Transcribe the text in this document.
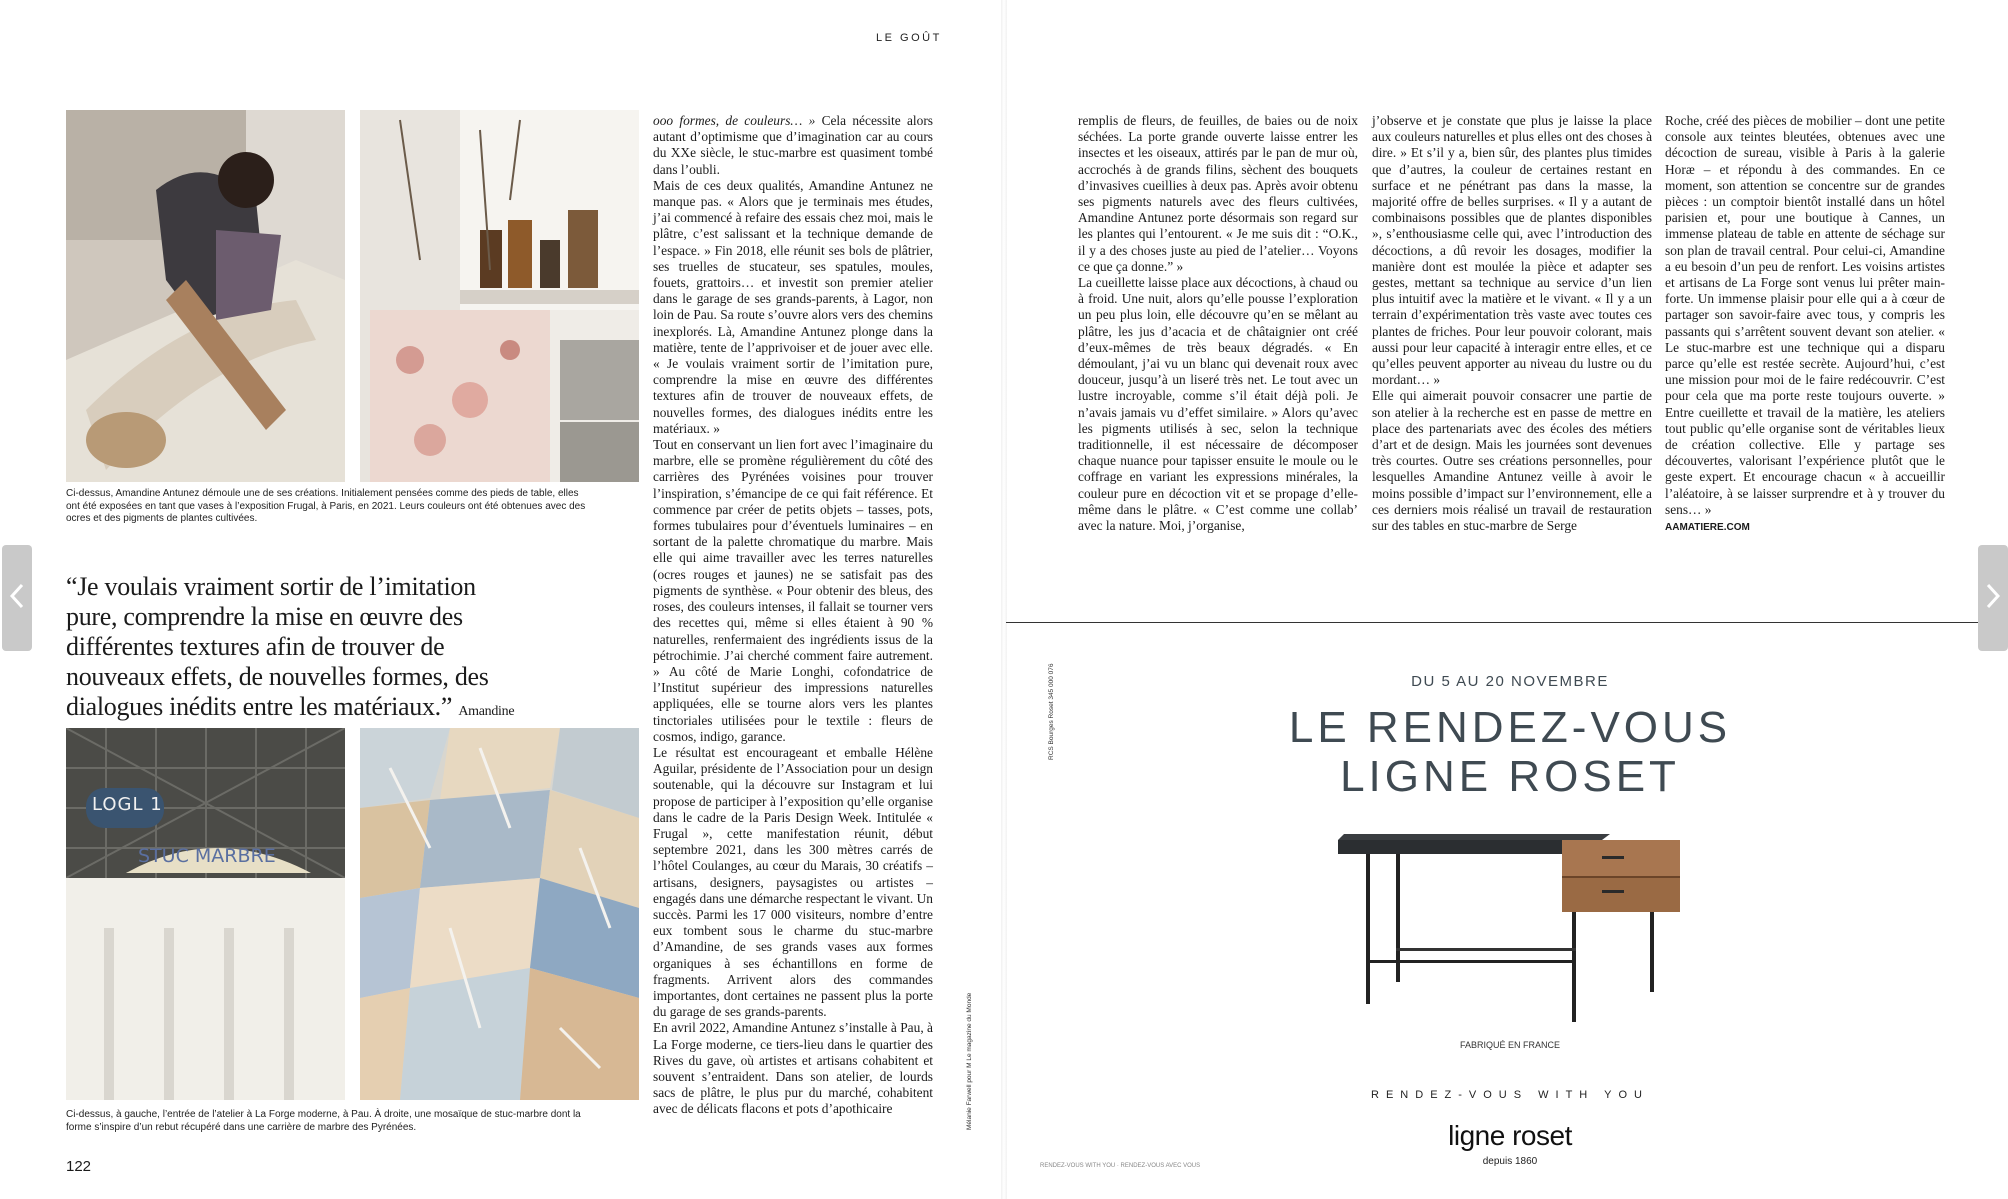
LE GOÛT
Ci-dessus, Amandine Antunez démoule une de ses créations. Initialement pensées comme des pieds de table, elles ont été exposées en tant que vases à l’exposition Frugal, à Paris, en 2021. Leurs couleurs ont été obtenues avec des ocres et des pigments de plantes cultivées.
“Je voulais vraiment sortir de l’imitation pure, comprendre la mise en œuvre des différentes textures afin de trouver de nouveaux effets, de nouvelles formes, des dialogues inédits entre les matériaux.” Amandine
LOGL 1
STUC MARBRE
Ci-dessus, à gauche, l’entrée de l’atelier à La Forge moderne, à Pau. À droite, une mosaïque de stuc-marbre dont la forme s’inspire d’un rebut récupéré dans une carrière de marbre des Pyrénées.
122

ooo formes, de couleurs… » Cela nécessite alors autant d’optimisme que d’imagination car au cours du XXe siècle, le stuc-marbre est quasiment tombé dans l’oubli.

Mais de ces deux qualités, Amandine Antunez ne manque pas. « Alors que je terminais mes études, j’ai commencé à refaire des essais chez moi, mais le plâtre, c’est salissant et la technique demande de l’espace. » Fin 2018, elle réunit ses bols de plâtrier, ses truelles de stucateur, ses spatules, moules, fouets, grattoirs… et investit son premier atelier dans le garage de ses grands-parents, à Lagor, non loin de Pau. Sa route s’ouvre alors vers des chemins inexplorés. Là, Amandine Antunez plonge dans la matière, tente de l’apprivoiser et de jouer avec elle. « Je voulais vraiment sortir de l’imitation pure, comprendre la mise en œuvre des différentes textures afin de trouver de nouveaux effets, de nouvelles formes, des dialogues inédits entre les matériaux. »

Tout en conservant un lien fort avec l’imaginaire du marbre, elle se promène régulièrement du côté des carrières des Pyrénées voisines pour trouver l’inspiration, s’émancipe de ce qui fait référence. Et commence par créer de petits objets – tasses, pots, formes tubulaires pour d’éventuels luminaires – en sortant de la palette chromatique du marbre. Mais elle qui aime travailler avec les terres naturelles (ocres rouges et jaunes) ne se satisfait pas des pigments de synthèse. « Pour obtenir des bleus, des roses, des couleurs intenses, il fallait se tourner vers des recettes qui, même si elles étaient à 90 % naturelles, renfermaient des ingrédients issus de la pétrochimie. J’ai cherché comment faire autrement. » Au côté de Marie Longhi, cofondatrice de l’Institut supérieur des impressions naturelles appliquées, elle se tourne alors vers les plantes tinctoriales utilisées pour le textile : fleurs de cosmos, indigo, garance.

Le résultat est encourageant et emballe Hélène Aguilar, présidente de l’Association pour un design soutenable, qui la découvre sur Instagram et lui propose de participer à l’exposition qu’elle organise dans le cadre de la Paris Design Week. Intitulée « Frugal », cette manifestation réunit, début septembre 2021, dans les 300 mètres carrés de l’hôtel Coulanges, au cœur du Marais, 30 créatifs – artisans, designers, paysagistes ou artistes – engagés dans une démarche respectant le vivant. Un succès. Parmi les 17 000 visiteurs, nombre d’entre eux tombent sous le charme du stuc-marbre d’Amandine, de ses grands vases aux formes organiques à ses échantillons en forme de fragments. Arrivent alors des commandes importantes, dont certaines ne passent plus la porte du garage de ses grands-parents.

En avril 2022, Amandine Antunez s’installe à Pau, à La Forge moderne, ce tiers-lieu dans le quartier des Rives du gave, où artistes et artisans cohabitent et souvent s’entraident. Dans son atelier, de lourds sacs de plâtre, le plus pur du marché, cohabitent avec de délicats flacons et pots d’apothicaire	Mélanie Farwell pour M Le magazine du Monde

remplis de fleurs, de feuilles, de baies ou de noix séchées. La porte grande ouverte laisse entrer les insectes et les oiseaux, attirés par le pan de mur où, accrochés à de grands filins, sèchent des bouquets d’invasives cueillies à deux pas. Après avoir obtenu ses pigments naturels avec des fleurs cultivées, Amandine Antunez porte désormais son regard sur les plantes qui l’entourent. « Je me suis dit : “O.K., il y a des choses juste au pied de l’atelier… Voyons ce que ça donne.” »

La cueillette laisse place aux décoctions, à chaud ou à froid. Une nuit, alors qu’elle pousse l’exploration un peu plus loin, elle découvre qu’en se mêlant au plâtre, les jus d’acacia et de châtaignier ont créé d’eux-mêmes de très beaux dégradés. « En démoulant, j’ai vu un blanc qui devenait roux avec douceur, jusqu’à un liseré très net. Le tout avec un lustre incroyable, comme s’il était déjà poli. Je n’avais jamais vu d’effet similaire. » Alors qu’avec les pigments utilisés à sec, selon la technique traditionnelle, il est nécessaire de décomposer chaque nuance pour tapisser ensuite le moule ou le coffrage en variant les expressions minérales, la couleur pure en décoction vit et se propage d’elle-même dans le plâtre. « C’est comme une collab’ avec la nature. Moi, j’organise,

j’observe et je constate que plus je laisse la place aux couleurs naturelles et plus elles ont des choses à dire. » Et s’il y a, bien sûr, des plantes plus timides que d’autres, la couleur de certaines restant en surface et ne pénétrant pas dans la masse, la majorité offre de belles surprises. « Il y a autant de combinaisons possibles que de plantes disponibles », s’enthousiasme celle qui, avec l’introduction des décoctions, a dû revoir les dosages, modifier la manière dont est moulée la pièce et adapter ses gestes, mettant sa technique au service d’un lien plus intuitif avec la matière et le vivant. « Il y a un terrain d’expérimentation très vaste avec toutes ces plantes de friches. Pour leur pouvoir colorant, mais aussi pour leur capacité à interagir entre elles, et ce qu’elles peuvent apporter au niveau du lustre ou du mordant… »

Elle qui aimerait pouvoir consacrer une partie de son atelier à la recherche est en passe de mettre en place des partenariats avec des écoles des métiers d’art et de design. Mais les journées sont devenues très courtes. Outre ses créations personnelles, pour lesquelles Amandine Antunez veille à avoir le moins possible d’impact sur l’environnement, elle a ces derniers mois réalisé un travail de restauration sur des tables en stuc-marbre de Serge

Roche, créé des pièces de mobilier – dont une petite console aux teintes bleutées, obtenues avec une décoction de sureau, visible à Paris à la galerie Horæ – et répondu à des commandes. En ce moment, son attention se concentre sur de grandes pièces : un comptoir bientôt installé dans un hôtel parisien et, pour une boutique à Cannes, un immense plateau de table en attente de séchage sur son plan de travail central. Pour celui-ci, Amandine a eu besoin d’un peu de renfort. Les voisins artistes et artisans de La Forge sont venus lui prêter main-forte. Un immense plaisir pour elle qui a à cœur de partager son savoir-faire avec tous, y compris les passants qui s’arrêtent souvent devant son atelier. « Le stuc-marbre est une technique qui a disparu parce qu’elle est restée secrète. Aujourd’hui, c’est une mission pour moi de le faire redécouvrir. C’est pour cela que ma porte reste toujours ouverte. » Entre cueillette et travail de la matière, les ateliers tout public qu’elle organise sont de véritables lieux de création collective. Elle y partage ses découvertes, valorisant l’expérience plutôt que le geste expert. Et encourage chacun « à accueillir l’aléatoire, à se laisser surprendre et à y trouver du sens… »

AAMATIERE.COM

RCS Bourges Roset 345 000 076	DU 5 AU 20 NOVEMBRE
LE RENDEZ-VOUS
LIGNE ROSET
FABRIQUÉ EN FRANCE
RENDEZ-VOUS WITH YOU
ligne roset
depuis 1860
RENDEZ-VOUS WITH YOU · RENDEZ-VOUS AVEC VOUS
